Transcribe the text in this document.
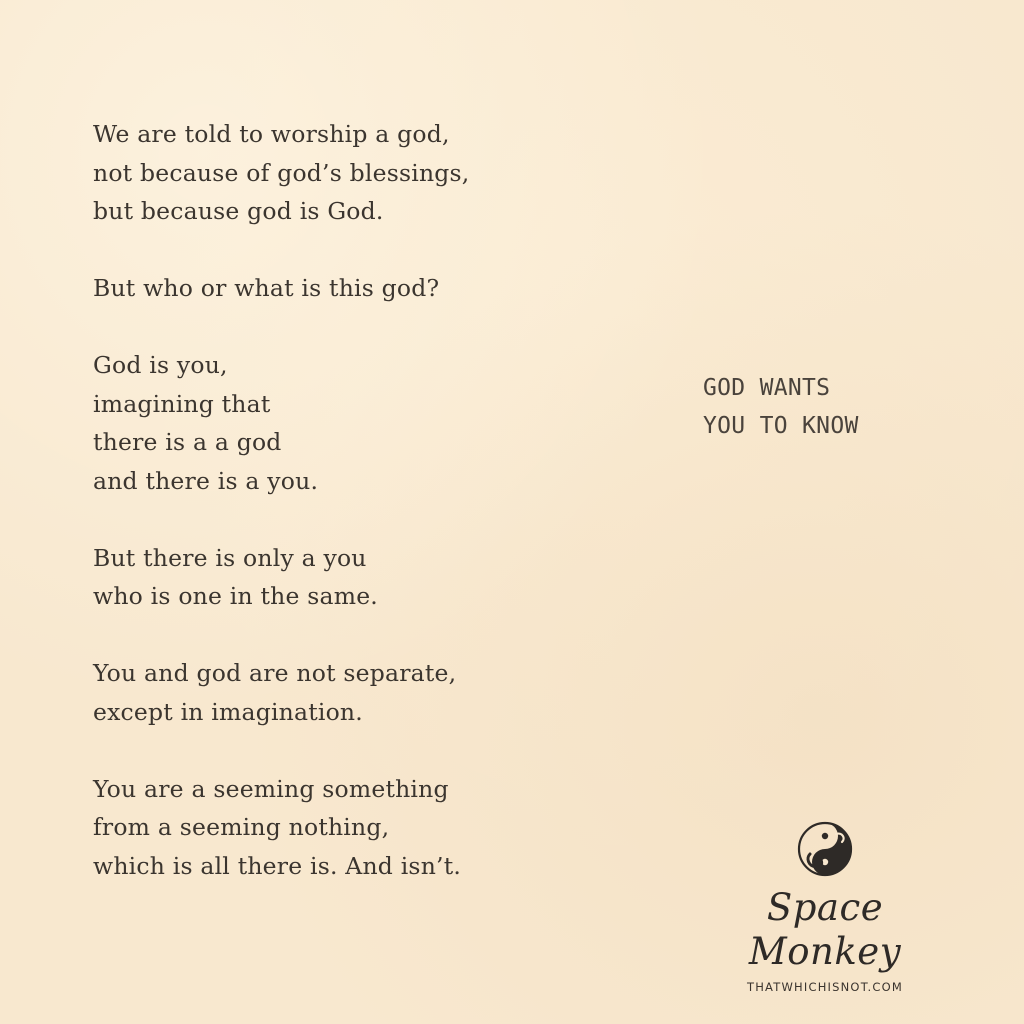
We are told to worship a god,
not because of god’s blessings,
but because god is God.
But who or what is this god?
God is you,
imagining that
there is a a god
and there is a you.
But there is only a you
who is one in the same.
You and god are not separate,
except in imagination.
You are a seeming something
from a seeming nothing,
which is all there is. And isn’t.
GOD WANTS
YOU TO KNOW
Space Monkey
THATWHICHISNOT.COM
